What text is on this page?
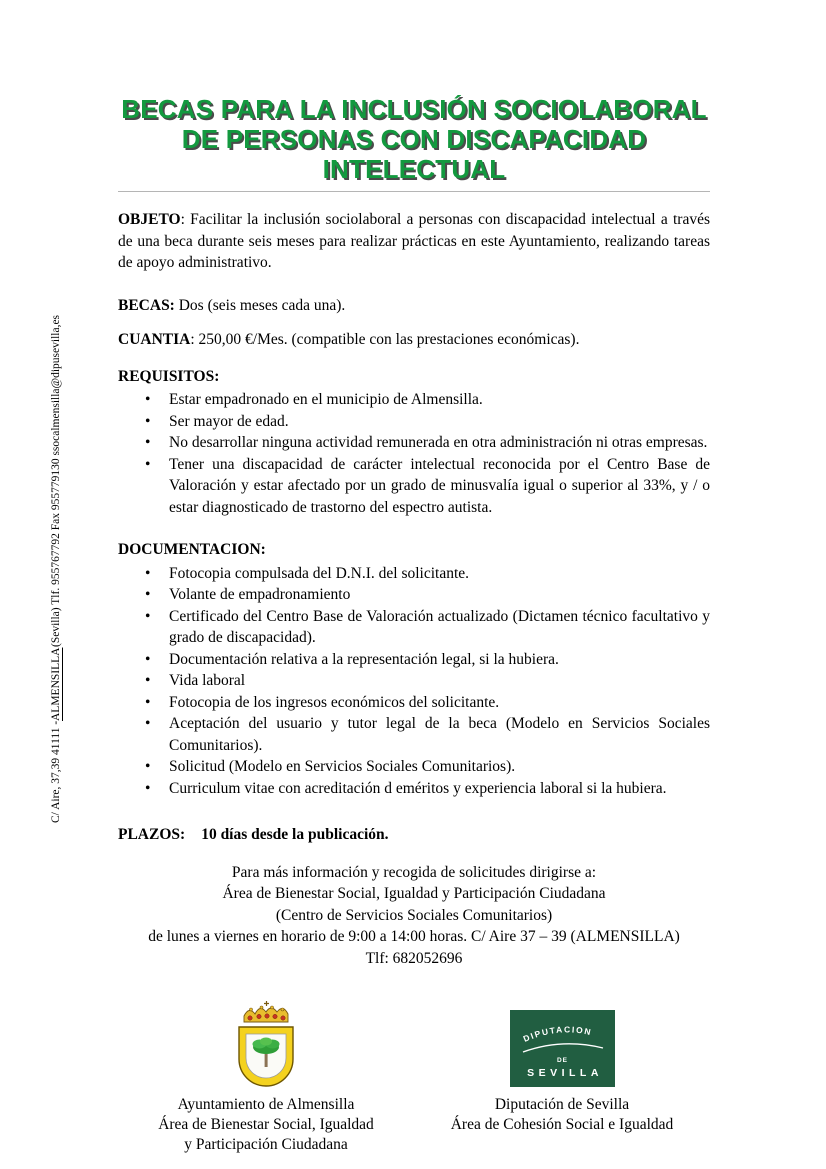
C/ Aire, 37,39 41111 -
ALMENSILLA
(Sevilla) Tlf. 955767792 Fax 955779130 ssocalmensilla@dipusevilla,es
BECAS PARA LA INCLUSIÓN SOCIOLABORAL
DE PERSONAS CON DISCAPACIDAD
INTELECTUAL

OBJETO: Facilitar la inclusión sociolaboral a personas con discapacidad intelectual a través de una beca durante seis meses para realizar prácticas en este Ayuntamiento, realizando tareas de apoyo administrativo.

BECAS: Dos (seis meses cada una).

CUANTIA: 250,00 €/Mes. (compatible con las prestaciones económicas).

REQUISITOS:

• Estar empadronado en el municipio de Almensilla.
• Ser mayor de edad.
• No desarrollar ninguna actividad remunerada en otra administración ni otras empresas.
• Tener una discapacidad de carácter intelectual reconocida por el Centro Base de Valoración y estar afectado por un grado de minusvalía igual o superior al 33%, y / o estar diagnosticado de trastorno del espectro autista.

DOCUMENTACION:

• Fotocopia compulsada del D.N.I. del solicitante.
• Volante de empadronamiento
• Certificado del Centro Base de Valoración actualizado (Dictamen técnico facultativo y grado de discapacidad).
• Documentación relativa a la representación legal, si la hubiera.
• Vida laboral
• Fotocopia de los ingresos económicos del solicitante.
• Aceptación del usuario y tutor legal de la beca (Modelo en Servicios Sociales Comunitarios).
• Solicitud (Modelo en Servicios Sociales Comunitarios).
• Curriculum vitae con acreditación d eméritos y experiencia laboral si la hubiera.

PLAZOS: 10 días desde la publicación.

Para más información y recogida de solicitudes dirigirse a:
Área de Bienestar Social, Igualdad y Participación Ciudadana
(Centro de Servicios Sociales Comunitarios)
de lunes a viernes en horario de 9:00 a 14:00 horas. C/ Aire 37 – 39 (ALMENSILLA)
Tlf: 682052696
Ayuntamiento de Almensilla
Área de Bienestar Social, Igualdad
y Participación Ciudadana
DIPUTACION
DE
SEVILLA
Diputación de Sevilla
Área de Cohesión Social e Igualdad
